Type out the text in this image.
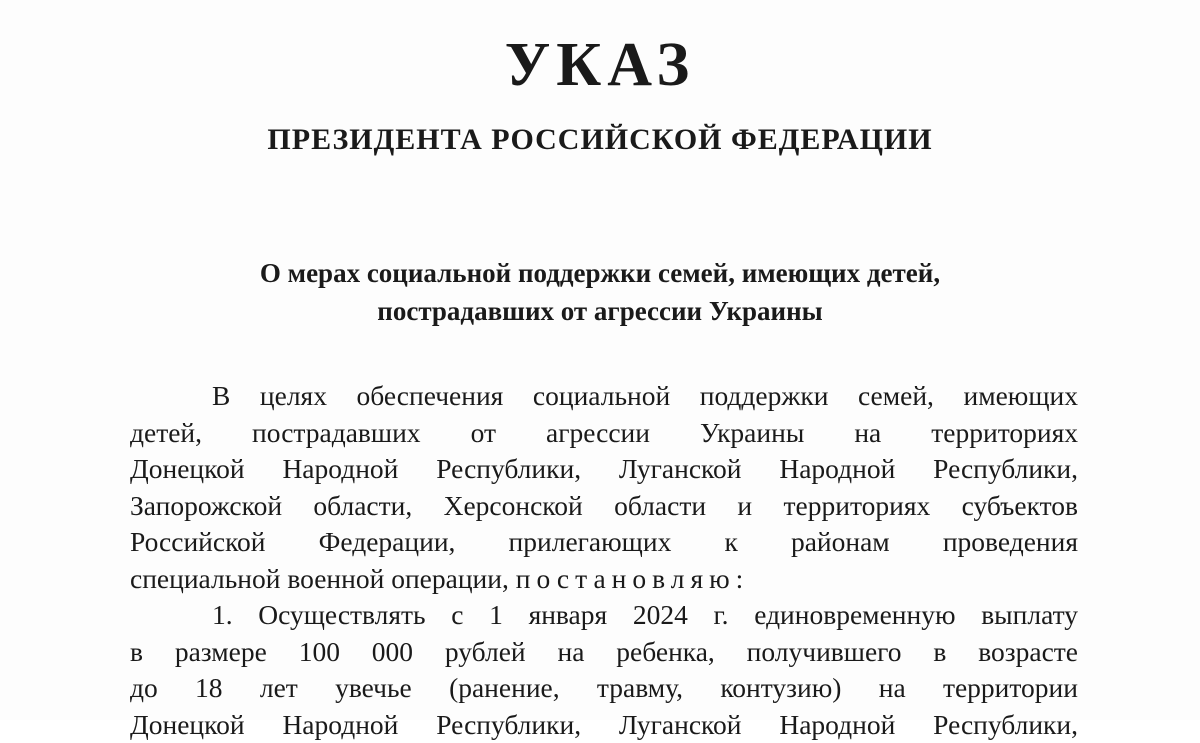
УКАЗ
ПРЕЗИДЕНТА РОССИЙСКОЙ ФЕДЕРАЦИИ
О мерах социальной поддержки семей, имеющих детей,
пострадавших от агрессии Украины
В целях обеспечения социальной поддержки семей, имеющих
детей, пострадавших от агрессии Украины на территориях
Донецкой Народной Республики, Луганской Народной Республики,
Запорожской области, Херсонской области и территориях субъектов
Российской Федерации, прилегающих к районам проведения
специальной военной операции, постановляю:
1. Осуществлять с 1 января 2024 г. единовременную выплату
в размере 100 000 рублей на ребенка, получившего в возрасте
до 18 лет увечье (ранение, травму, контузию) на территории
Донецкой Народной Республики, Луганской Народной Республики,
